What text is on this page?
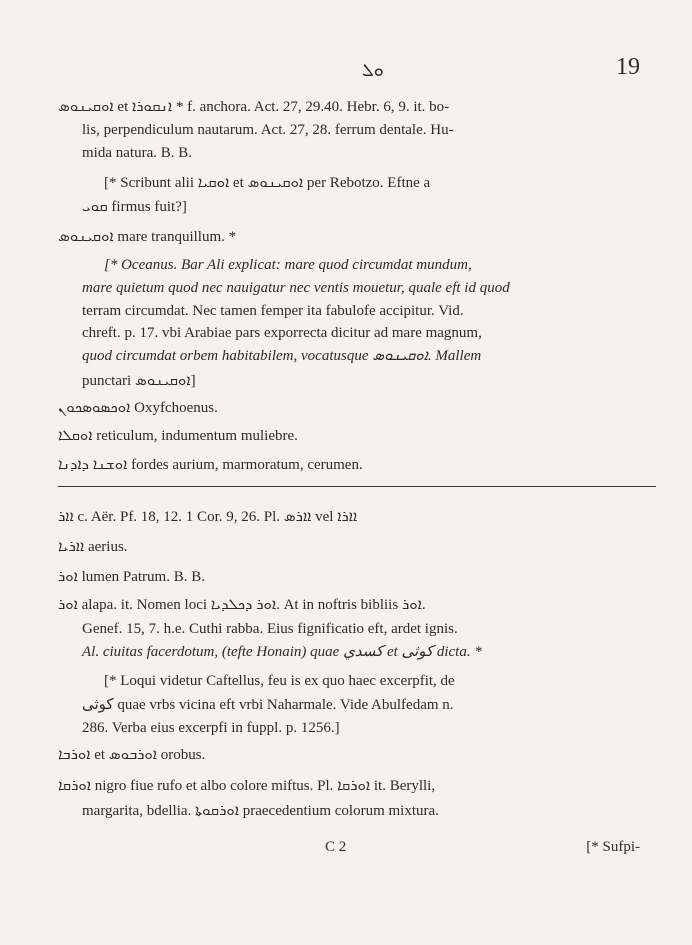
ܘܠ	19
ܐܘܩܝܢܘܣ et ܐܢܩܘܪܐ * f. anchora. Act. 27, 29.40. Hebr. 6, 9. it. bo-
lis, perpendiculum nautarum. Act. 27, 28. ferrum dentale. Hu-
mida natura. B. B.
[* Scribunt alii ܐܘܩܝܐ et ܐܘܩܝܢܘܣ per Rebotzo. Eftne a
ܩܘܝ firmus fuit?]
ܐܘܩܝܢܘܣ mare tranquillum. *
[* Oceanus. Bar Ali explicat: mare quod circumdat mundum,
mare quietum quod nec nauigatur nec ventis mouetur, quale eft id quod
terram circumdat. Nec tamen femper ita fabulofe accipitur. Vid.
chreft. p. 17. vbi Arabiae pars exporrecta dicitur ad mare magnum,
quod circumdat orbem habitabilem, vocatusque ܐܘܩܝܢܘܣ. Mallem
punctari ܐܘܩܝܢܘܣ]
ܐܘܟܣܘܣܟܘܢ Oxyfchoenus.
ܐܘܩܠܐ reticulum, indumentum muliebre.
ܐܘܫܢܐ ܕܐܕܢܐ fordes aurium, marmoratum, cerumen.
ܐܐܪ c. Aër. Pf. 18, 12. 1 Cor. 9, 26. Pl. ܐܐܪܣ vel ܐܐܪܐ
ܐܐܪܝܐ aerius.
ܐܘܪ lumen Patrum. B. B.
ܐܘܪ alapa. it. Nomen loci ܐܘܪ ܕܟܠܕܝܐ. At in noftris bibliis ܐܘܪ.
Genef. 15, 7. h.e. Cuthi rabba. Eius fignificatio eft, ardet ignis.
Al. ciuitas facerdotum, (tefte Honain) quae كسدي et كوثى dicta. *
[* Loqui videtur Caftellus, feu is ex quo haec excerpfit, de
كوثى quae vrbs vicina eft vrbi Naharmale. Vide Abulfedam n.
286. Verba eius excerpfi in fuppl. p. 1256.]
ܐܘܪܒܐ et ܐܘܪܒܘܣ orobus.
ܐܘܪܩܐ nigro fiue rufo et albo colore miftus. Pl. ܐܘܪܩܐ it. Berylli,
margarita, bdellia. ܐܘܪܩܘܬܐ praecedentium colorum mixtura.
C 2	[* Sufpi-
